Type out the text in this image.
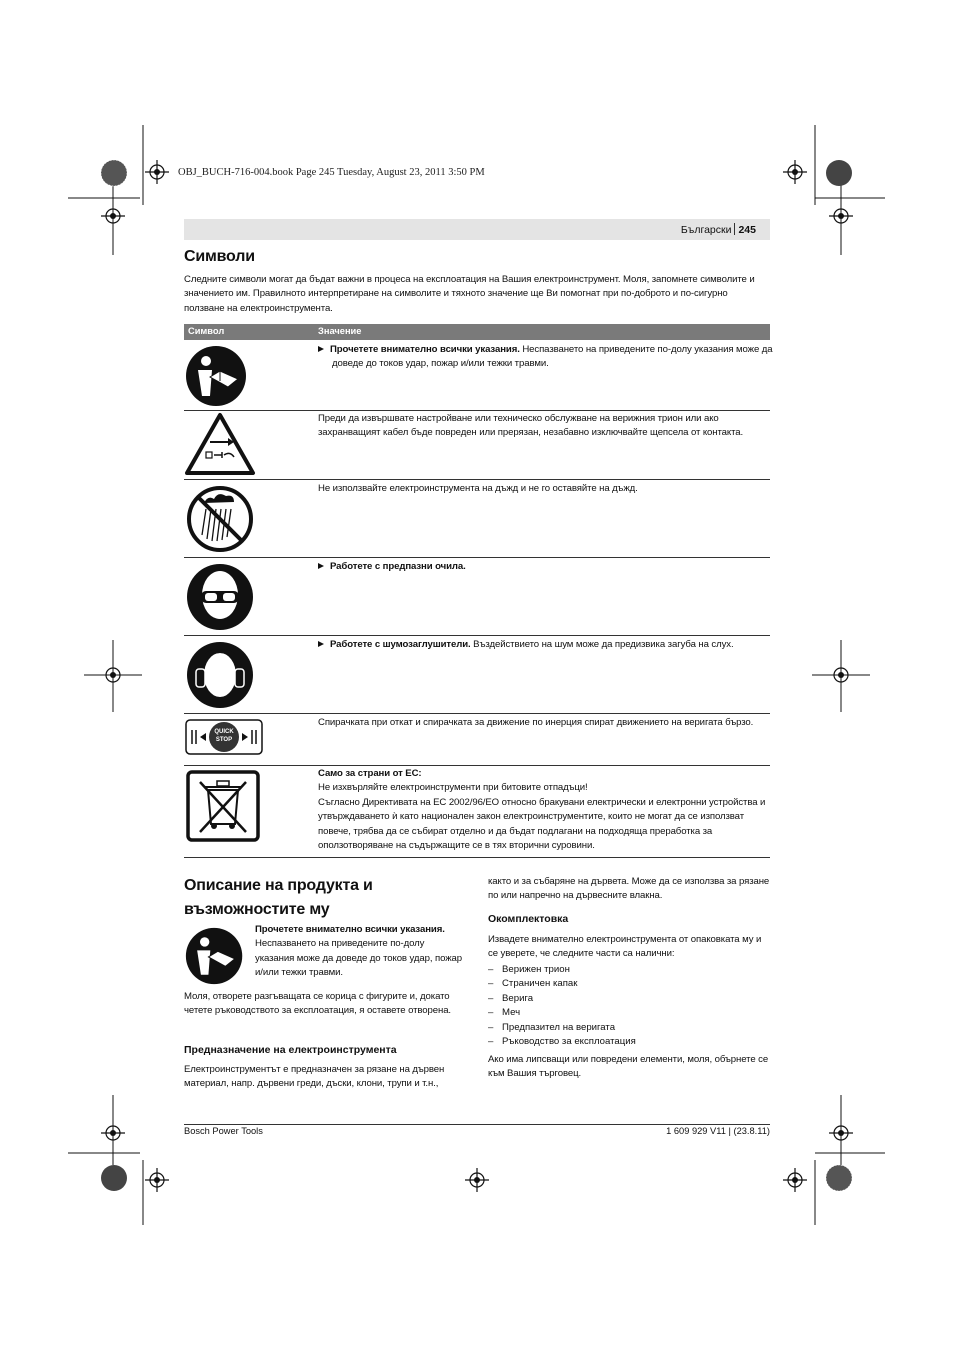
OBJ_BUCH-716-004.book Page 245 Tuesday, August 23, 2011 3:50 PM
Български 245
Символи
Следните символи могат да бъдат важни в процеса на експлоатация на Вашия електроинструмент. Моля, запомнете символите и значението им. Правилното интерпретиране на символите и тяхното значение ще Ви помогнат при по-доброто и по-сигурно ползване на електроинструмента.
Символ	Значение
Прочетете внимателно всички указания. Неспазването на приведените по-долу указания може да доведе до токов удар, пожар и/или тежки травми.
Преди да извършвате настройване или техническо обслужване на верижния трион или ако захранващият кабел бъде повреден или прерязан, незабавно изключвайте щепсела от контакта.
Не използвайте електроинструмента на дъжд и не го оставяйте на дъжд.
Работете с предпазни очила.
Работете с шумозаглушители. Въздействието на шум може да предизвика загуба на слух.
QUICK
STOP
Спирачката при откат и спирачката за движение по инерция спират движението на веригата бързо.
Само за страни от ЕС:
Не изхвърляйте електроинструменти при битовите отпадъци!
Съгласно Директивата на ЕС 2002/96/ЕО относно бракувани електрически и електронни устройства и утвърждаването ѝ като национален закон електроинструментите, които не могат да се използват повече, трябва да се събират отделно и да бъдат подлагани на подходяща преработка за оползотворяване на съдържащите се в тях вторични суровини.
Описание на продукта и възможностите му
Прочетете внимателно всички указания.
Неспазването на приведените по-долу указания може да доведе до токов удар, пожар и/или тежки травми.
Моля, отворете разгъващата се корица с фигурите и, докато четете ръководството за експлоатация, я оставете отворена.
Предназначение на електроинструмента
Електроинструментът е предназначен за рязане на дървен материал, напр. дървени греди, дъски, клони, трупи и т.н.,
както и за събаряне на дървета. Може да се използва за рязане по или напречно на дървесните влакна.
Окомплектовка
Извадете внимателно електроинструмента от опаковката му и се уверете, че следните части са налични:
– Верижен трион
– Страничен капак
– Верига
– Меч
– Предпазител на веригата
– Ръководство за експлоатация
Ако има липсващи или повредени елементи, моля, обърнете се към Вашия търговец.
Bosch Power Tools	1 609 929 V11 | (23.8.11)
